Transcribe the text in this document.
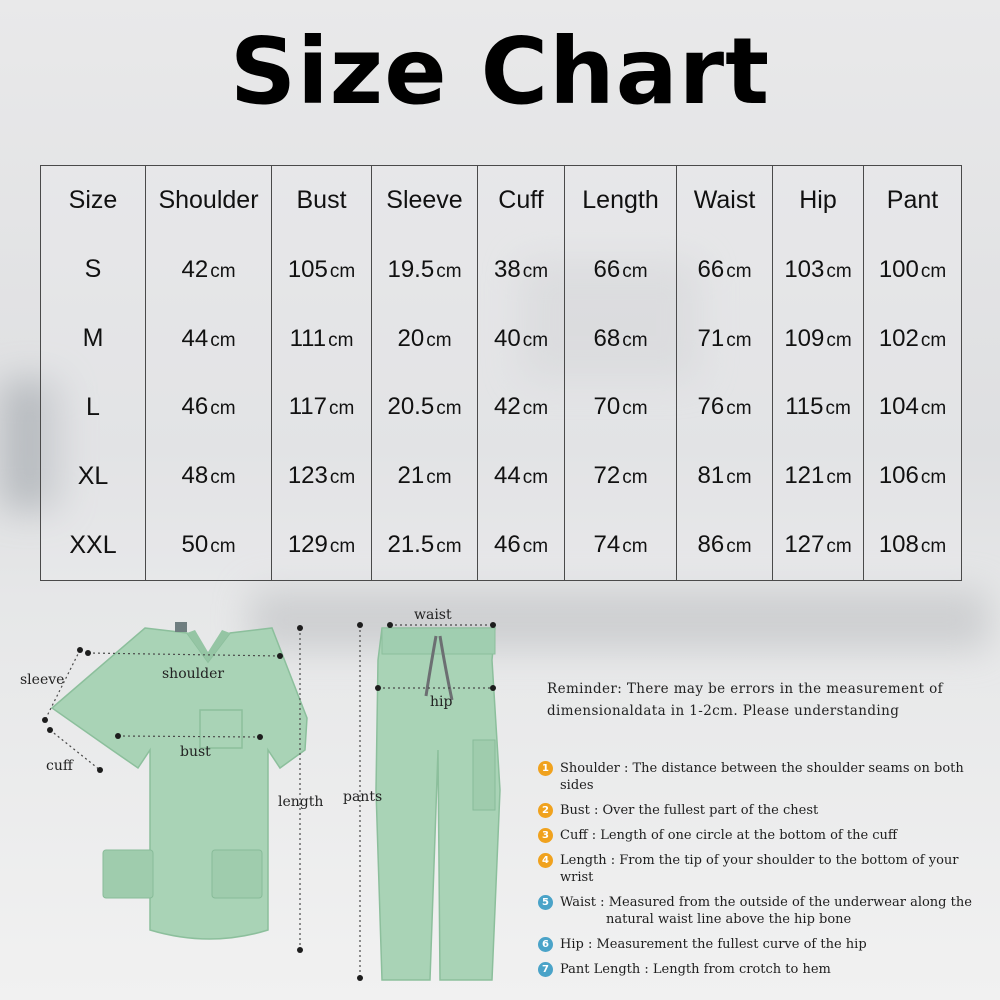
Size Chart
Size	Shoulder	Bust	Sleeve	Cuff	Length	Waist	Hip	Pant
S	42 cm	105 cm	19.5 cm	38 cm	66 cm	66 cm	103 cm	100 cm
M	44 cm	111 cm	20 cm	40 cm	68 cm	71 cm	109 cm	102 cm
L	46 cm	117 cm	20.5 cm	42 cm	70 cm	76 cm	115 cm	104 cm
XL	48 cm	123 cm	21 cm	44 cm	72 cm	81 cm	121 cm	106 cm
XXL	50 cm	129 cm	21.5 cm	46 cm	74 cm	86 cm	127 cm	108 cm
sleeve	shoulder
bust
cuff
length
waist
hip
pants
Reminder: There may be errors in the measurement of dimensionaldata in 1-2cm. Please understanding
1 Shoulder : The distance between the shoulder seams on both sides
2 Bust : Over the fullest part of the chest
3 Cuff : Length of one circle at the bottom of the cuff
4 Length : From the tip of your shoulder to the bottom of your wrist
5 Waist : Measured from the outside of the underwear along the
natural waist line above the hip bone
6 Hip : Measurement the fullest curve of the hip
7 Pant Length : Length from crotch to hem
